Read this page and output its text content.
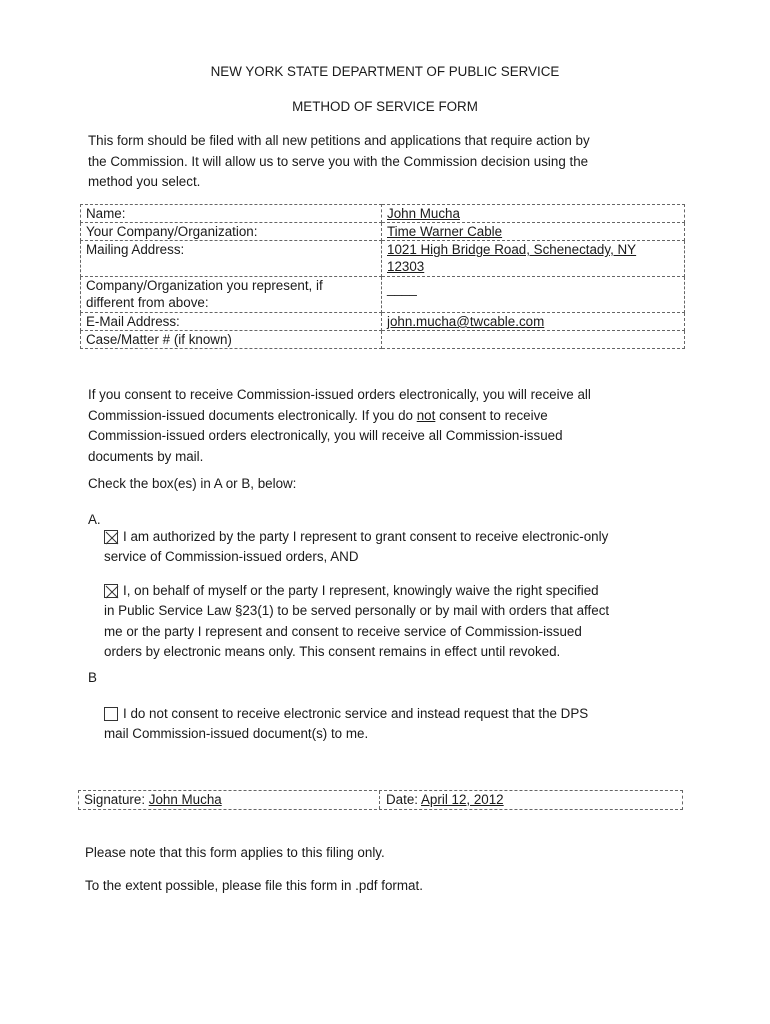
NEW YORK STATE DEPARTMENT OF PUBLIC SERVICE
METHOD OF SERVICE FORM
This form should be filed with all new petitions and applications that require action by
the Commission. It will allow us to serve you with the Commission decision using the
method you select.
Name:	John Mucha
Your Company/Organization:	Time Warner Cable
Mailing Address:	1021 High Bridge Road, Schenectady, NY
12303

Company/Organization you represent, if
different from above:	____

E-Mail Address:	john.mucha@twcable.com
Case/Matter # (if known)	
If you consent to receive Commission-issued orders electronically, you will receive all
Commission-issued documents electronically. If you do not consent to receive
Commission-issued orders electronically, you will receive all Commission-issued
documents by mail.
Check the box(es) in A or B, below:
A.
I am authorized by the party I represent to grant consent to receive electronic-only
service of Commission-issued orders, AND
I, on behalf of myself or the party I represent, knowingly waive the right specified
in Public Service Law §23(1) to be served personally or by mail with orders that affect
me or the party I represent and consent to receive service of Commission-issued
orders by electronic means only. This consent remains in effect until revoked.
B
I do not consent to receive electronic service and instead request that the DPS
mail Commission-issued document(s) to me.
Signature: John Mucha	Date: April 12, 2012
Please note that this form applies to this filing only.
To the extent possible, please file this form in .pdf format.
